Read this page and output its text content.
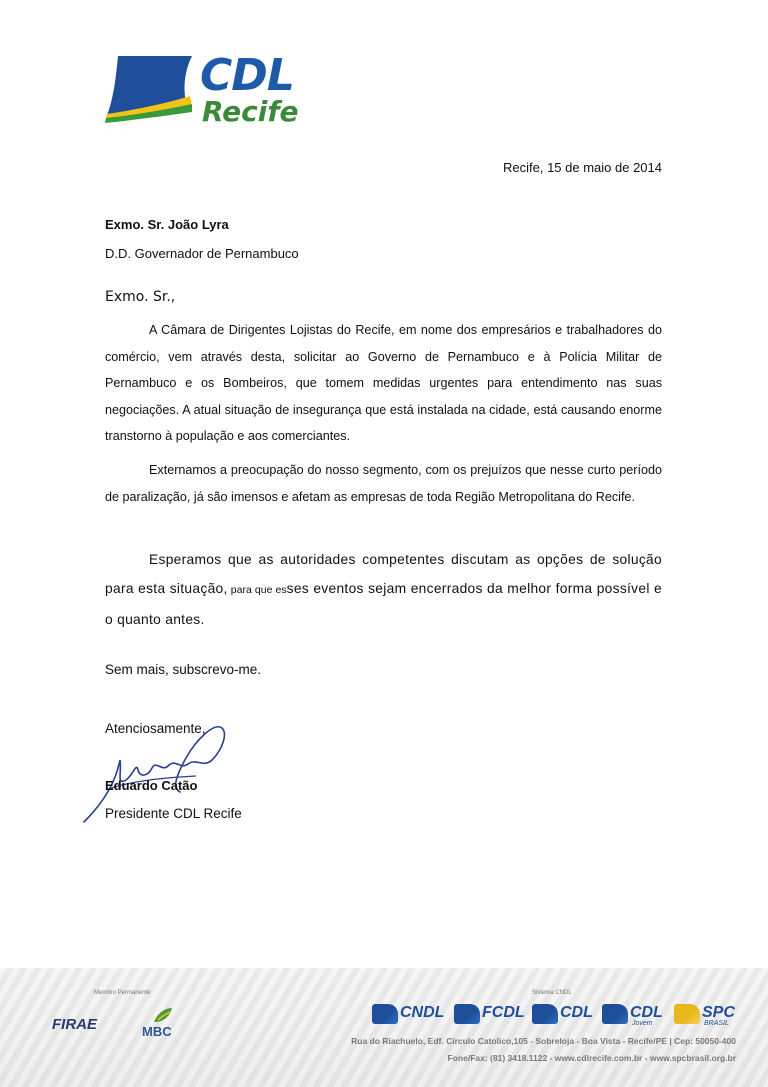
CDL
Recife
Recife, 15 de maio de 2014
Exmo. Sr. João Lyra
D.D. Governador de Pernambuco
Exmo. Sr.,

A Câmara de Dirigentes Lojistas do Recife, em nome dos empresários e trabalhadores do comércio, vem através desta, solicitar ao Governo de Pernambuco e à Polícia Militar de Pernambuco e os Bombeiros, que tomem medidas urgentes para entendimento nas suas negociações. A atual situação de insegurança que está instalada na cidade, está causando enorme transtorno à população e aos comerciantes.

Externamos a preocupação do nosso segmento, com os prejuízos que nesse curto período de paralização, já são imensos e afetam as empresas de toda Região Metropolitana do Recife.

Esperamos que as autoridades competentes discutam as opções de solução para esta situação, para que esses eventos sejam encerrados da melhor forma possível e o quanto antes.

Sem mais, subscrevo-me.
Atenciosamente,
Eduardo Catão
Presidente CDL Recife
Membro Permanente	Sistema CNDL
FIRAE	MBC
CNDL FCDL CDL CDL
Jovem
SPC
BRASIL
Rua do Riachuelo, Edf. Círculo Catolico,105 - Sobreloja - Boa Vista - Recife/PE | Cep: 50050-400
Fone/Fax: (81) 3418.1122 - www.cdlrecife.com.br - www.spcbrasil.org.br
